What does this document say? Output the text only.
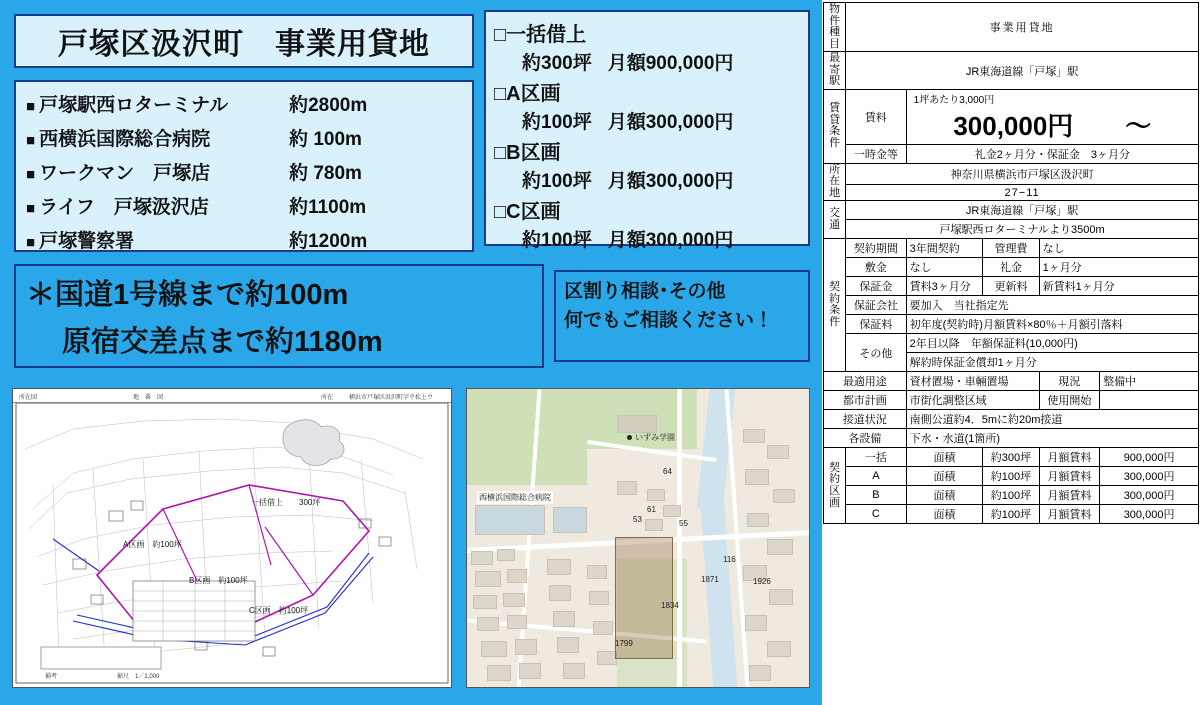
戸塚区汲沢町　事業用貸地
■ 戸塚駅西ロターミナル	約2800m
■ 西横浜国際総合病院	約 100m
■ ワークマン　戸塚店	約 780m
■ ライフ　戸塚汲沢店	約1100m
■ 戸塚警察署	約1200m
＊国道1号線まで約100m
原宿交差点まで約1180m
□一括借上
約300坪 月額900,000円
□A区画
約100坪 月額300,000円
□B区画
約100坪 月額300,000円
□C区画
約100坪 月額300,000円
区割り相談･その他
何でもご相談ください！
所在図	地　番　図	所在	横浜市戸塚区汲沢町字平松上ウ
一括借上　　300坪
A区画　約100坪
B区画　約100坪
C区画　約100坪
備考　　　　　　　　　　縮尺　1／1,000
いずみ学園
西横浜国際総合病院
55
64
116
1926
1871
1834
1799
61
53
物件種目	事業用貸地				

最寄駅	JR東海道線「戸塚」駅				

賃貸条件	賃料	1坪あたり3,000円
300,000円　　〜			

	一時金等	礼金2ヶ月分・保証金　3ヶ月分			

所在地	神奈川県横浜市戸塚区汲沢町				
	27−11				

交通	JR東海道線「戸塚」駅				
	戸塚駅西ロターミナルより3500m				

契約条件	契約期間	3年間契約	管理費	なし	
	敷金	なし	礼金	1ヶ月分	
	保証金	賃料3ヶ月分	更新料	新賃料1ヶ月分	
	保証会社	要加入　当社指定先			
	保証料	初年度(契約時)月額賃料×80％＋月額引落料			
	その他	2年目以降　年額保証料(10,000円)			
		解約時保証金償却1ヶ月分			
最適用途		資材置場・車輛置場		現況	整備中
都市計画		市街化調整区域		使用開始	
接道状況		南側公道約4．5mに約20m接道			
各設備		下水・水道(1箇所)			

契約区画	一括	面積	約300坪	月額賃料	900,000円
	A	面積	約100坪	月額賃料	300,000円
	B	面積	約100坪	月額賃料	300,000円
	C	面積	約100坪	月額賃料	300,000円
